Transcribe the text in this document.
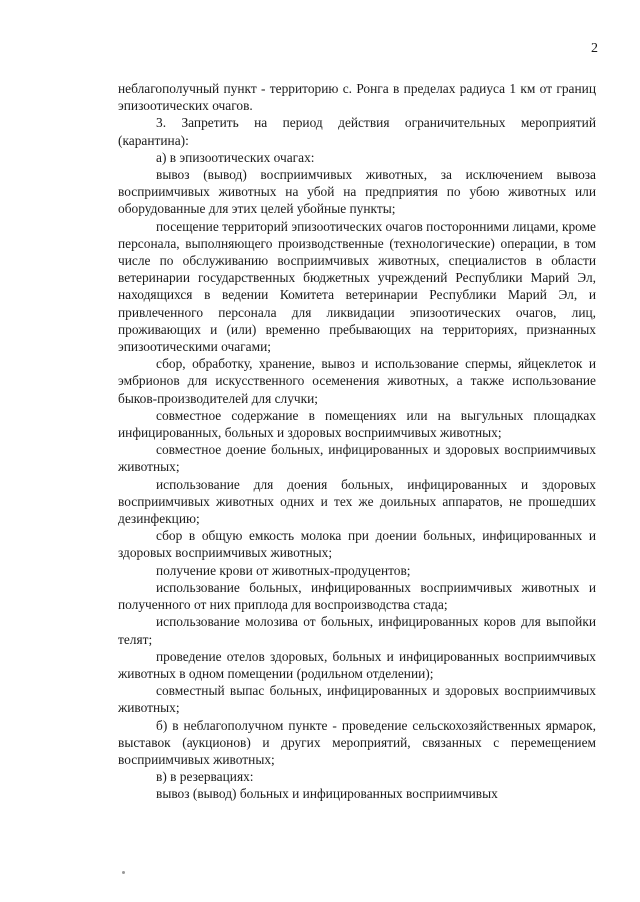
2

неблагополучный пункт - территорию с. Ронга в пределах радиуса 1 км от границ эпизоотических очагов.

3. Запретить на период действия ограничительных мероприятий (карантина):

а) в эпизоотических очагах:

вывоз (вывод) восприимчивых животных, за исключением вывоза восприимчивых животных на убой на предприятия по убою животных или оборудованные для этих целей убойные пункты;

посещение территорий эпизоотических очагов посторонними лицами, кроме персонала, выполняющего производственные (технологические) операции, в том числе по обслуживанию восприимчивых животных, специалистов в области ветеринарии государственных бюджетных учреждений Республики Марий Эл, находящихся в ведении Комитета ветеринарии Республики Марий Эл, и привлеченного персонала для ликвидации эпизоотических очагов, лиц, проживающих и (или) временно пребывающих на территориях, признанных эпизоотическими очагами;

сбор, обработку, хранение, вывоз и использование спермы, яйцеклеток и эмбрионов для искусственного осеменения животных, а также использование быков-производителей для случки;

совместное содержание в помещениях или на выгульных площадках инфицированных, больных и здоровых восприимчивых животных;

совместное доение больных, инфицированных и здоровых восприимчивых животных;

использование для доения больных, инфицированных и здоровых восприимчивых животных одних и тех же доильных аппаратов, не прошедших дезинфекцию;

сбор в общую емкость молока при доении больных, инфицированных и здоровых восприимчивых животных;

получение крови от животных-продуцентов;

использование больных, инфицированных восприимчивых животных и полученного от них приплода для воспроизводства стада;

использование молозива от больных, инфицированных коров для выпойки телят;

проведение отелов здоровых, больных и инфицированных восприимчивых животных в одном помещении (родильном отделении);

совместный выпас больных, инфицированных и здоровых восприимчивых животных;

б) в неблагополучном пункте - проведение сельскохозяйственных ярмарок, выставок (аукционов) и других мероприятий, связанных с перемещением восприимчивых животных;

в) в резервациях:

вывоз (вывод) больных и инфицированных восприимчивых
